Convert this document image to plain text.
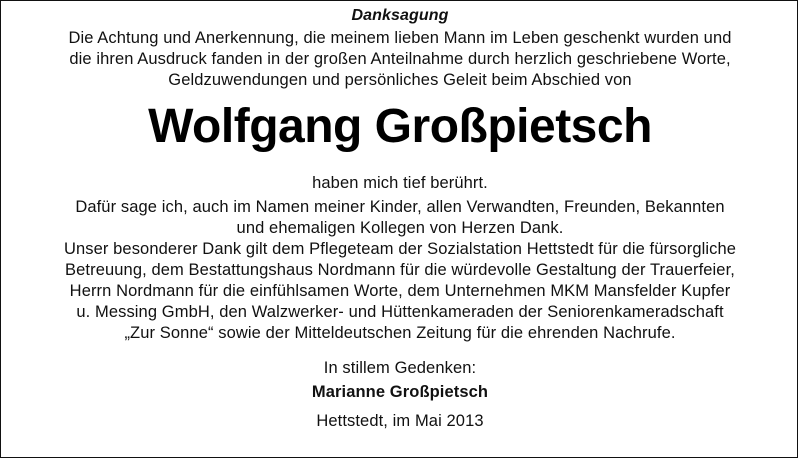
Danksagung
Die Achtung und Anerkennung, die meinem lieben Mann im Leben geschenkt wurden und
die ihren Ausdruck fanden in der großen Anteilnahme durch herzlich geschriebene Worte,
Geldzuwendungen und persönliches Geleit beim Abschied von
Wolfgang Großpietsch
haben mich tief berührt.
Dafür sage ich, auch im Namen meiner Kinder, allen Verwandten, Freunden, Bekannten
und ehemaligen Kollegen von Herzen Dank.
Unser besonderer Dank gilt dem Pflegeteam der Sozialstation Hettstedt für die fürsorgliche
Betreuung, dem Bestattungshaus Nordmann für die würdevolle Gestaltung der Trauerfeier,
Herrn Nordmann für die einfühlsamen Worte, dem Unternehmen MKM Mansfelder Kupfer
u. Messing GmbH, den Walzwerker- und Hüttenkameraden der Seniorenkameradschaft
„Zur Sonne“ sowie der Mitteldeutschen Zeitung für die ehrenden Nachrufe.
In stillem Gedenken:
Marianne Großpietsch
Hettstedt, im Mai 2013
